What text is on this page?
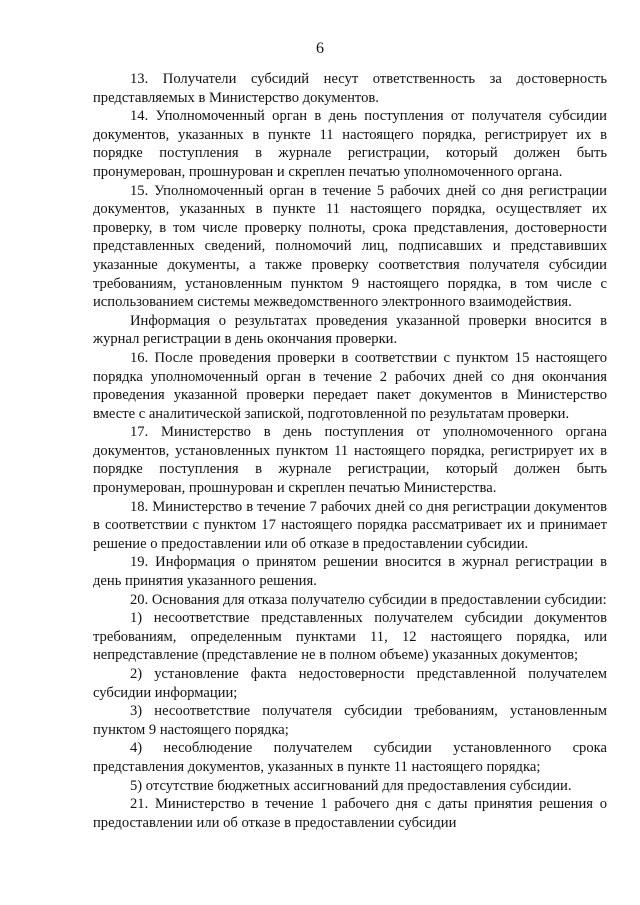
6

13. Получатели субсидий несут ответственность за достоверность представляемых в Министерство документов.

14. Уполномоченный орган в день поступления от получателя субсидии документов, указанных в пункте 11 настоящего порядка, регистрирует их в порядке поступления в журнале регистрации, который должен быть пронумерован, прошнурован и скреплен печатью уполномоченного органа.

15. Уполномоченный орган в течение 5 рабочих дней со дня регистрации документов, указанных в пункте 11 настоящего порядка, осуществляет их проверку, в том числе проверку полноты, срока представления, достоверности представленных сведений, полномочий лиц, подписавших и представивших указанные документы, а также проверку соответствия получателя субсидии требованиям, установленным пунктом 9 настоящего порядка, в том числе с использованием системы межведомственного электронного взаимодействия.

Информация о результатах проведения указанной проверки вносится в журнал регистрации в день окончания проверки.

16. После проведения проверки в соответствии с пунктом 15 настоящего порядка уполномоченный орган в течение 2 рабочих дней со дня окончания проведения указанной проверки передает пакет документов в Министерство вместе с аналитической запиской, подготовленной по результатам проверки.

17. Министерство в день поступления от уполномоченного органа документов, установленных пунктом 11 настоящего порядка, регистрирует их в порядке поступления в журнале регистрации, который должен быть пронумерован, прошнурован и скреплен печатью Министерства.

18. Министерство в течение 7 рабочих дней со дня регистрации документов в соответствии с пунктом 17 настоящего порядка рассматривает их и принимает решение о предоставлении или об отказе в предоставлении субсидии.

19. Информация о принятом решении вносится в журнал регистрации в день принятия указанного решения.

20. Основания для отказа получателю субсидии в предоставлении субсидии:

1) несоответствие представленных получателем субсидии документов требованиям, определенным пунктами 11, 12 настоящего порядка, или непредставление (представление не в полном объеме) указанных документов;

2) установление факта недостоверности представленной получателем субсидии информации;

3) несоответствие получателя субсидии требованиям, установленным пунктом 9 настоящего порядка;

4) несоблюдение получателем субсидии установленного срока представления документов, указанных в пункте 11 настоящего порядка;

5) отсутствие бюджетных ассигнований для предоставления субсидии.

21. Министерство в течение 1 рабочего дня с даты принятия решения о предоставлении или об отказе в предоставлении субсидии
